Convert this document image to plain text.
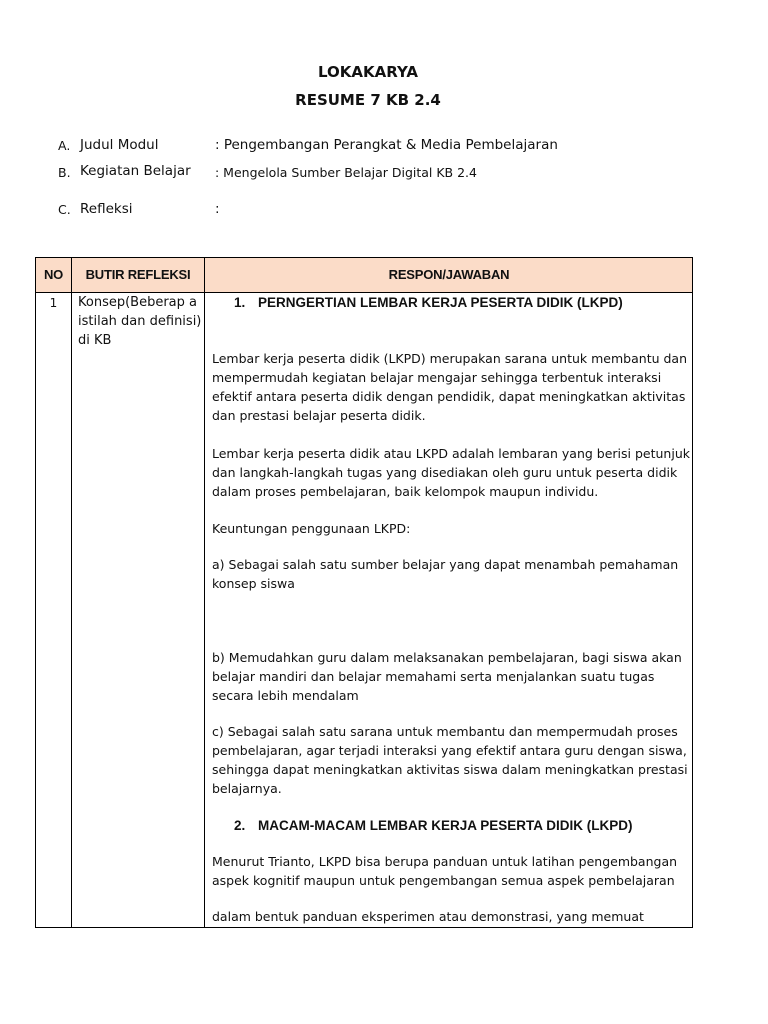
LOKAKARYA
RESUME 7 KB 2.4
A. Judul Modul	: Pengembangan Perangkat & Media Pembelajaran
B. Kegiatan Belajar : Mengelola Sumber Belajar Digital KB 2.4
C. Refleksi	:
NO	BUTIR REFLEKSI	RESPON/JAWABAN
1	Konsep(Beberap a istilah dan definisi) di KB

1. PERNGERTIAN LEMBAR KERJA PESERTA DIDIK (LKPD)

Lembar kerja peserta didik (LKPD) merupakan sarana untuk membantu dan mempermudah kegiatan belajar mengajar sehingga terbentuk interaksi efektif antara peserta didik dengan pendidik, dapat meningkatkan aktivitas dan prestasi belajar peserta didik.

Lembar kerja peserta didik atau LKPD adalah lembaran yang berisi petunjuk dan langkah-langkah tugas yang disediakan oleh guru untuk peserta didik dalam proses pembelajaran, baik kelompok maupun individu.

Keuntungan penggunaan LKPD:

a) Sebagai salah satu sumber belajar yang dapat menambah pemahaman konsep siswa

b) Memudahkan guru dalam melaksanakan pembelajaran, bagi siswa akan belajar mandiri dan belajar memahami serta menjalankan suatu tugas secara lebih mendalam

c) Sebagai salah satu sarana untuk membantu dan mempermudah proses pembelajaran, agar terjadi interaksi yang efektif antara guru dengan siswa, sehingga dapat meningkatkan aktivitas siswa dalam meningkatkan prestasi belajarnya.

2. MACAM-MACAM LEMBAR KERJA PESERTA DIDIK (LKPD)

Menurut Trianto, LKPD bisa berupa panduan untuk latihan pengembangan aspek kognitif maupun untuk pengembangan semua aspek pembelajaran

dalam bentuk panduan eksperimen atau demonstrasi, yang memuat
